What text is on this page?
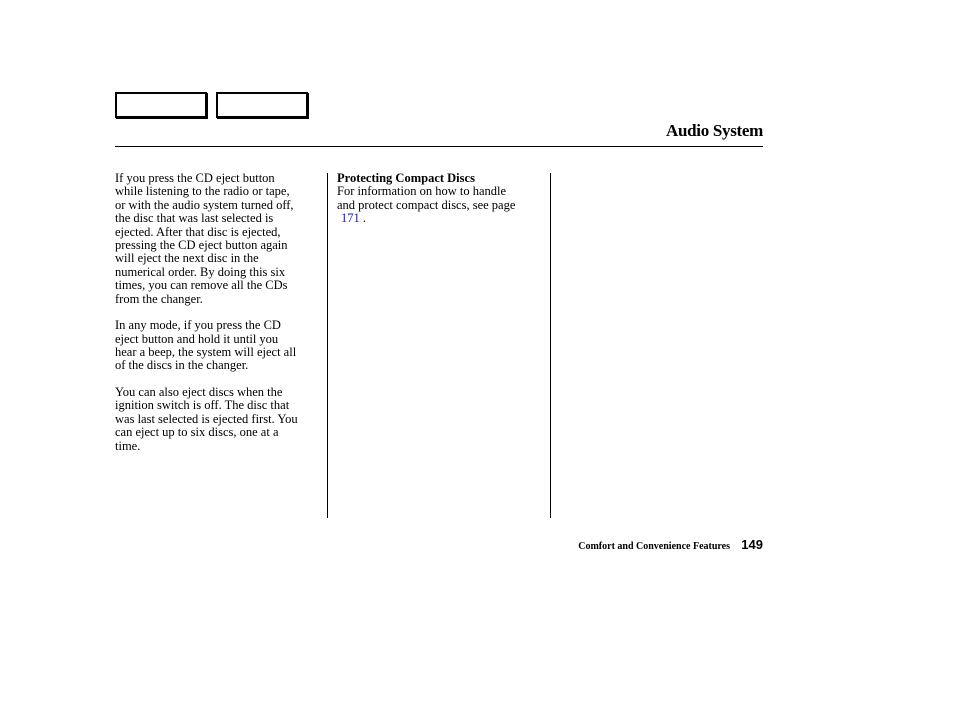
Audio System

If you press the CD eject button
while listening to the radio or tape,
or with the audio system turned off,
the disc that was last selected is
ejected. After that disc is ejected,
pressing the CD eject button again
will eject the next disc in the
numerical order. By doing this six
times, you can remove all the CDs
from the changer.

In any mode, if you press the CD
eject button and hold it until you
hear a beep, the system will eject all
of the discs in the changer.

You can also eject discs when the
ignition switch is off. The disc that
was last selected is ejected first. You
can eject up to six discs, one at a
time.

Protecting Compact Discs
For information on how to handle
and protect compact discs, see page
171 .
Comfort and Convenience Features 149
